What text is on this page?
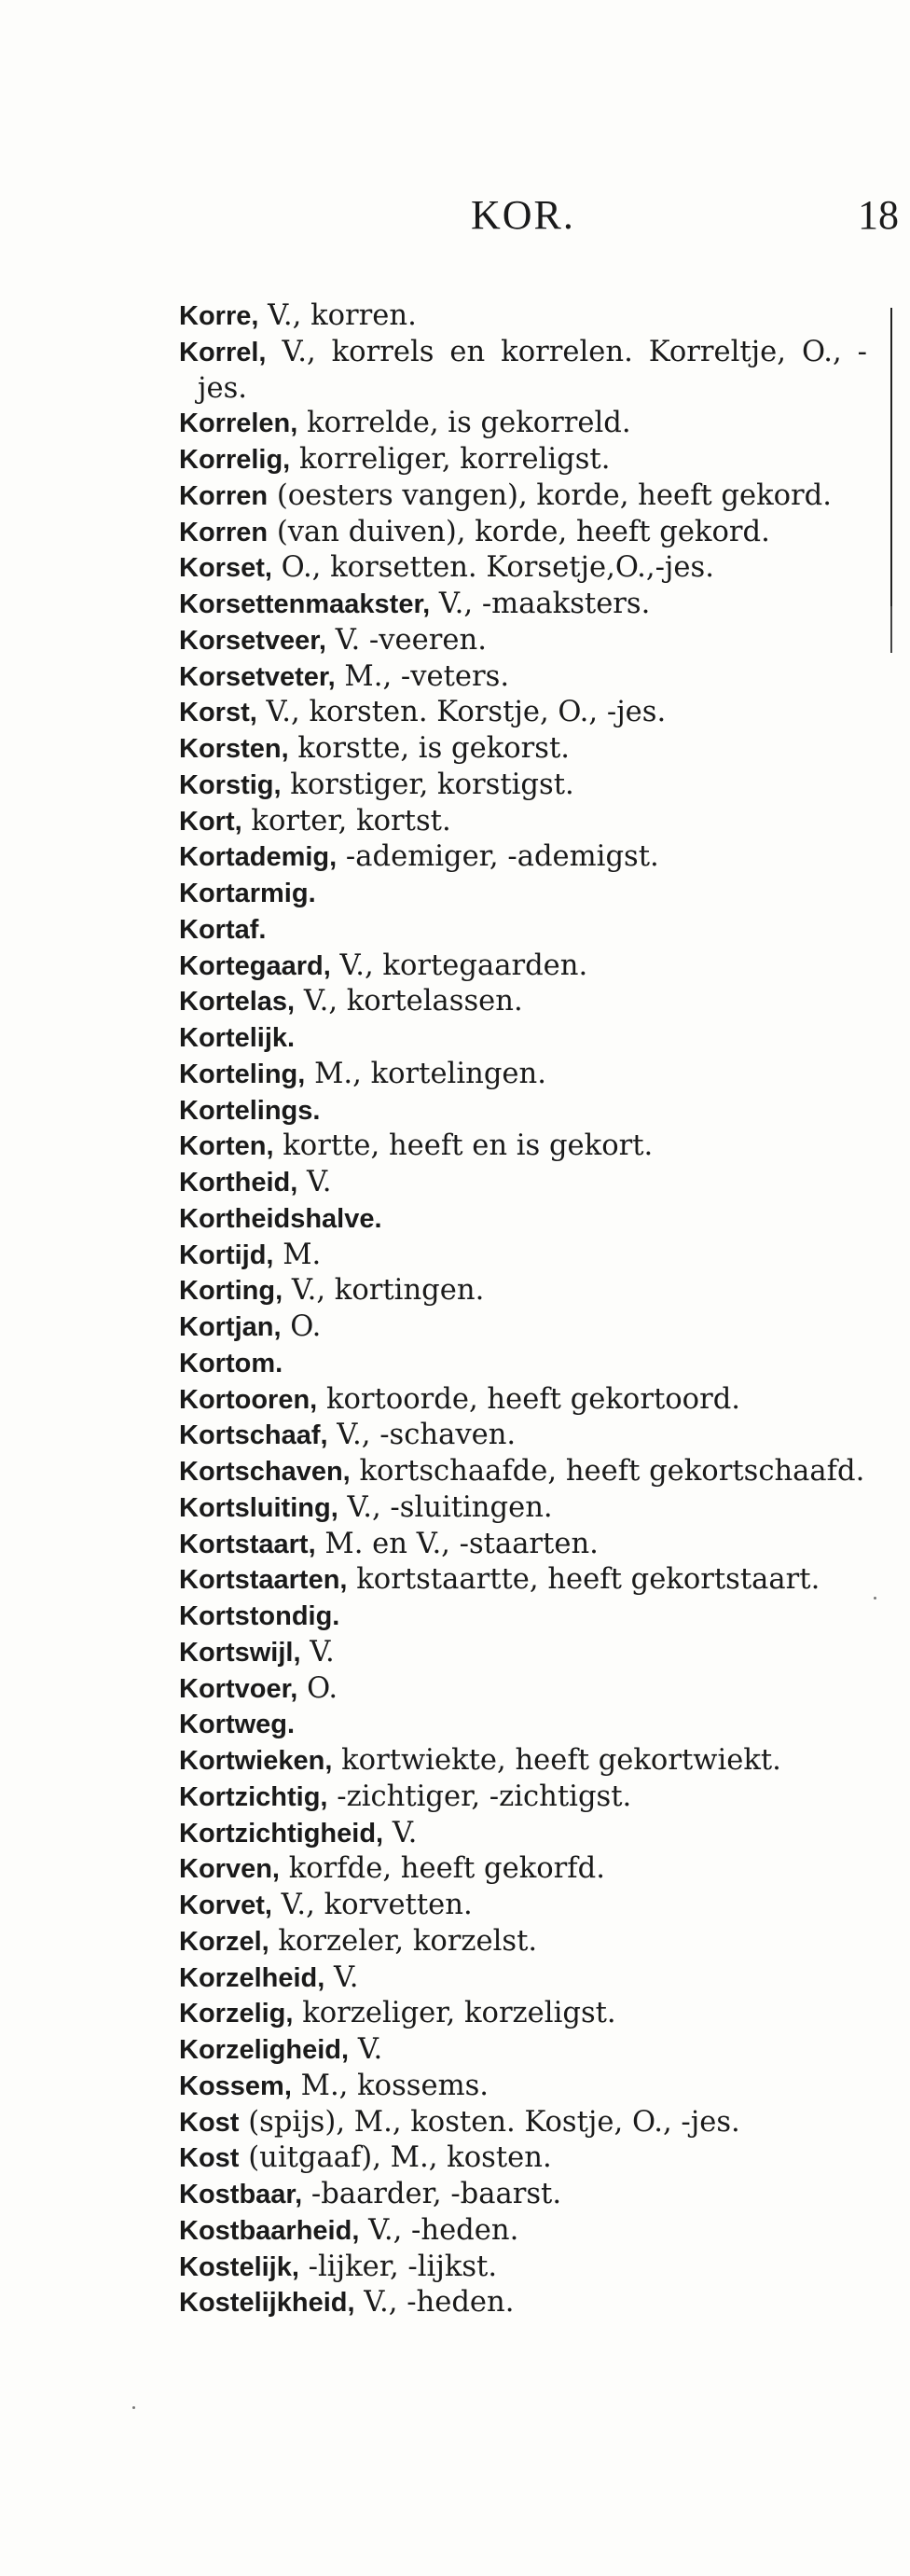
KOR.	18

Korre, V., korren.

Korrel, V., korrels en korrelen. Korreltje, O., -jes.

Korrelen, korrelde, is gekorreld.

Korrelig, korreliger, korreligst.

Korren (oesters vangen), korde, heeft gekord.

Korren (van duiven), korde, heeft gekord.

Korset, O., korsetten. Korsetje,O.,-jes.

Korsettenmaakster, V., -maaksters.

Korsetveer, V. -veeren.

Korsetveter, M., -veters.

Korst, V., korsten. Korstje, O., -jes.

Korsten, korstte, is gekorst.

Korstig, korstiger, korstigst.

Kort, korter, kortst.

Kortademig, -ademiger, -ademigst.

Kortarmig.

Kortaf.

Kortegaard, V., kortegaarden.

Kortelas, V., kortelassen.

Kortelijk.

Korteling, M., kortelingen.

Kortelings.

Korten, kortte, heeft en is gekort.

Kortheid, V.

Kortheidshalve.

Kortijd, M.

Korting, V., kortingen.

Kortjan, O.

Kortom.

Kortooren, kortoorde, heeft gekortoord.

Kortschaaf, V., -schaven.

Kortschaven, kortschaafde, heeft gekortschaafd.

Kortsluiting, V., -sluitingen.

Kortstaart, M. en V., -staarten.

Kortstaarten, kortstaartte, heeft gekortstaart.

Kortstondig.

Kortswijl, V.

Kortvoer, O.

Kortweg.

Kortwieken, kortwiekte, heeft gekortwiekt.

Kortzichtig, -zichtiger, -zichtigst.

Kortzichtigheid, V.

Korven, korfde, heeft gekorfd.

Korvet, V., korvetten.

Korzel, korzeler, korzelst.

Korzelheid, V.

Korzelig, korzeliger, korzeligst.

Korzeligheid, V.

Kossem, M., kossems.

Kost (spijs), M., kosten. Kostje, O., -jes.

Kost (uitgaaf), M., kosten.

Kostbaar, -baarder, -baarst.

Kostbaarheid, V., -heden.

Kostelijk, -lijker, -lijkst.

Kostelijkheid, V., -heden.
